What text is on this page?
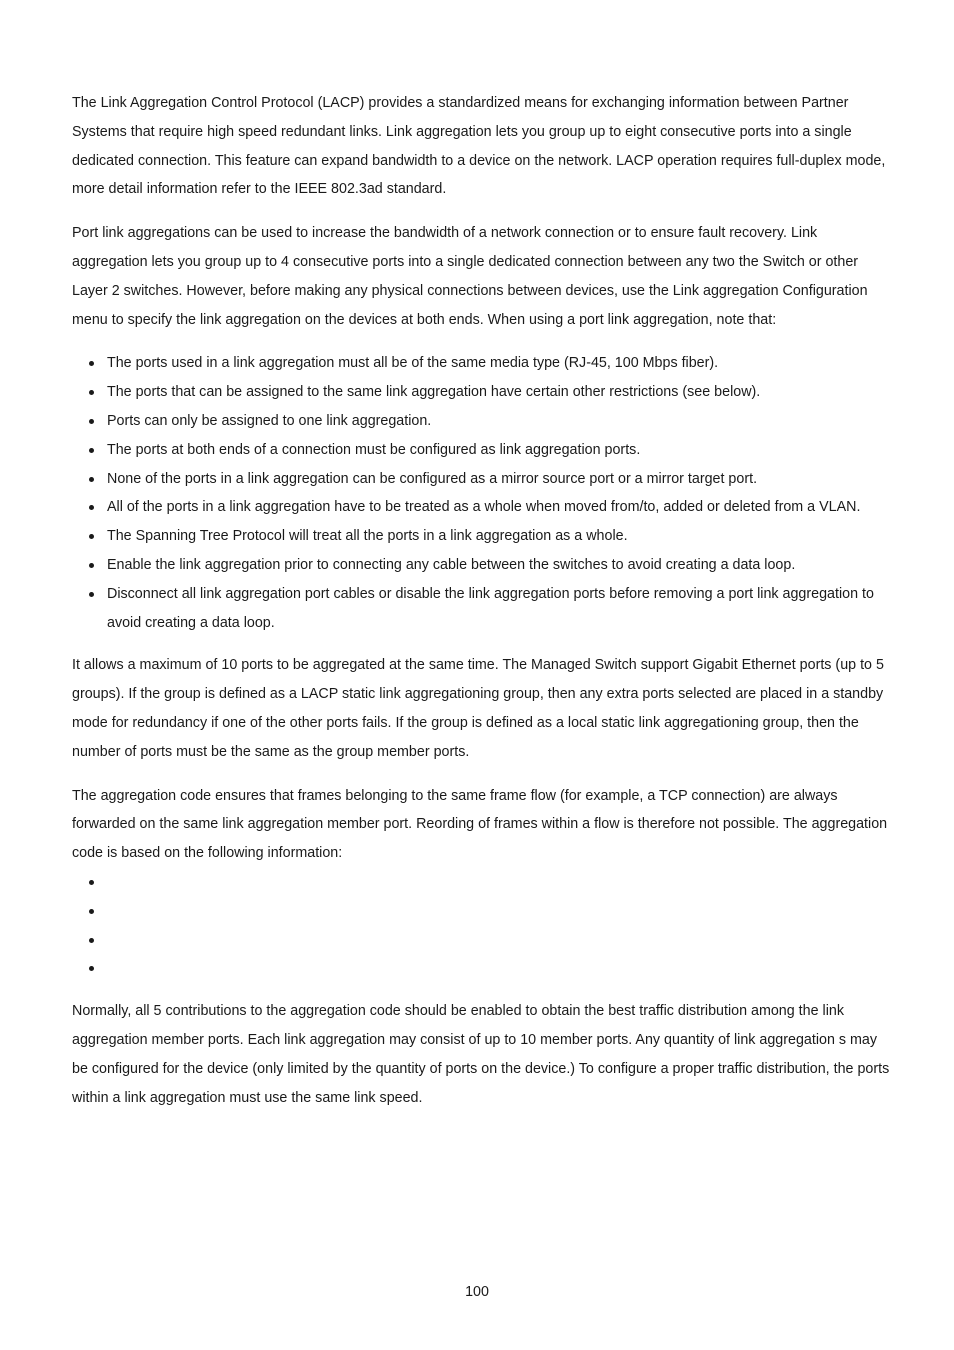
The Link Aggregation Control Protocol (LACP) provides a standardized means for exchanging information between Partner Systems that require high speed redundant links. Link aggregation lets you group up to eight consecutive ports into a single dedicated connection. This feature can expand bandwidth to a device on the network. LACP operation requires full-duplex mode, more detail information refer to the IEEE 802.3ad standard.

Port link aggregations can be used to increase the bandwidth of a network connection or to ensure fault recovery. Link aggregation lets you group up to 4 consecutive ports into a single dedicated connection between any two the Switch or other Layer 2 switches. However, before making any physical connections between devices, use the Link aggregation Configuration menu to specify the link aggregation on the devices at both ends. When using a port link aggregation, note that:

The ports used in a link aggregation must all be of the same media type (RJ-45, 100 Mbps fiber).
The ports that can be assigned to the same link aggregation have certain other restrictions (see below).
Ports can only be assigned to one link aggregation.
The ports at both ends of a connection must be configured as link aggregation ports.
None of the ports in a link aggregation can be configured as a mirror source port or a mirror target port.
All of the ports in a link aggregation have to be treated as a whole when moved from/to, added or deleted from a VLAN.
The Spanning Tree Protocol will treat all the ports in a link aggregation as a whole.
Enable the link aggregation prior to connecting any cable between the switches to avoid creating a data loop.
Disconnect all link aggregation port cables or disable the link aggregation ports before removing a port link aggregation to avoid creating a data loop.

It allows a maximum of 10 ports to be aggregated at the same time. The Managed Switch support Gigabit Ethernet ports (up to 5 groups). If the group is defined as a LACP static link aggregationing group, then any extra ports selected are placed in a standby mode for redundancy if one of the other ports fails. If the group is defined as a local static link aggregationing group, then the number of ports must be the same as the group member ports.

The aggregation code ensures that frames belonging to the same frame flow (for example, a TCP connection) are always forwarded on the same link aggregation member port. Reording of frames within a flow is therefore not possible. The aggregation code is based on the following information:

Normally, all 5 contributions to the aggregation code should be enabled to obtain the best traffic distribution among the link aggregation member ports. Each link aggregation may consist of up to 10 member ports. Any quantity of link aggregation s may be configured for the device (only limited by the quantity of ports on the device.) To configure a proper traffic distribution, the ports within a link aggregation must use the same link speed.

100
